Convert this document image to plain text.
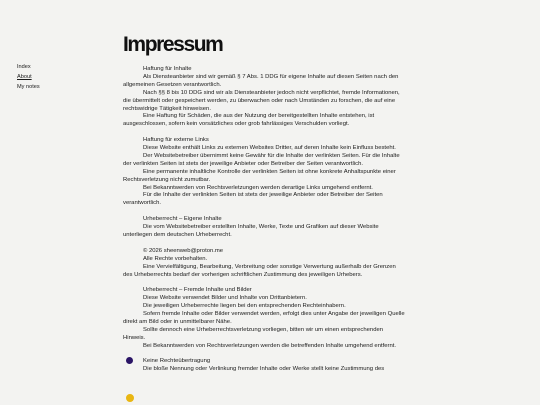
Index
About
My notes
Impressum

Haftung für Inhalte

Als Diensteanbieter sind wir gemäß § 7 Abs. 1 DDG für eigene Inhalte auf diesen Seiten nach den allgemeinen Gesetzen verantwortlich.

Nach §§ 8 bis 10 DDG sind wir als Diensteanbieter jedoch nicht verpflichtet, fremde Informationen, die übermittelt oder gespeichert werden, zu überwachen oder nach Umständen zu forschen, die auf eine rechtswidrige Tätigkeit hinweisen.

Eine Haftung für Schäden, die aus der Nutzung der bereitgestellten Inhalte entstehen, ist ausgeschlossen, sofern kein vorsätzliches oder grob fahrlässiges Verschulden vorliegt.

Haftung für externe Links

Diese Website enthält Links zu externen Websites Dritter, auf deren Inhalte kein Einfluss besteht.

Der Websitebetreiber übernimmt keine Gewähr für die Inhalte der verlinkten Seiten. Für die Inhalte der verlinkten Seiten ist stets der jeweilige Anbieter oder Betreiber der Seiten verantwortlich.

Eine permanente inhaltliche Kontrolle der verlinkten Seiten ist ohne konkrete Anhaltspunkte einer Rechtsverletzung nicht zumutbar.

Bei Bekanntwerden von Rechtsverletzungen werden derartige Links umgehend entfernt.

Für die Inhalte der verlinkten Seiten ist stets der jeweilige Anbieter oder Betreiber der Seiten verantwortlich.

Urheberrecht – Eigene Inhalte

Die vom Websitebetreiber erstellten Inhalte, Werke, Texte und Grafiken auf dieser Website unterliegen dem deutschen Urheberrecht.

© 2026 sheenweb@proton.me

Alle Rechte vorbehalten.

Eine Vervielfältigung, Bearbeitung, Verbreitung oder sonstige Verwertung außerhalb der Grenzen des Urheberrechts bedarf der vorherigen schriftlichen Zustimmung des jeweiligen Urhebers.

Urheberrecht – Fremde Inhalte und Bilder

Diese Website verwendet Bilder und Inhalte von Drittanbietern.

Die jeweiligen Urheberrechte liegen bei den entsprechenden Rechteinhabern.

Sofern fremde Inhalte oder Bilder verwendet werden, erfolgt dies unter Angabe der jeweiligen Quelle direkt am Bild oder in unmittelbarer Nähe.

Sollte dennoch eine Urheberrechtsverletzung vorliegen, bitten wir um einen entsprechenden Hinweis.

Bei Bekanntwerden von Rechtsverletzungen werden die betreffenden Inhalte umgehend entfernt.

Keine Rechteübertragung

Die bloße Nennung oder Verlinkung fremder Inhalte oder Werke stellt keine Zustimmung des
